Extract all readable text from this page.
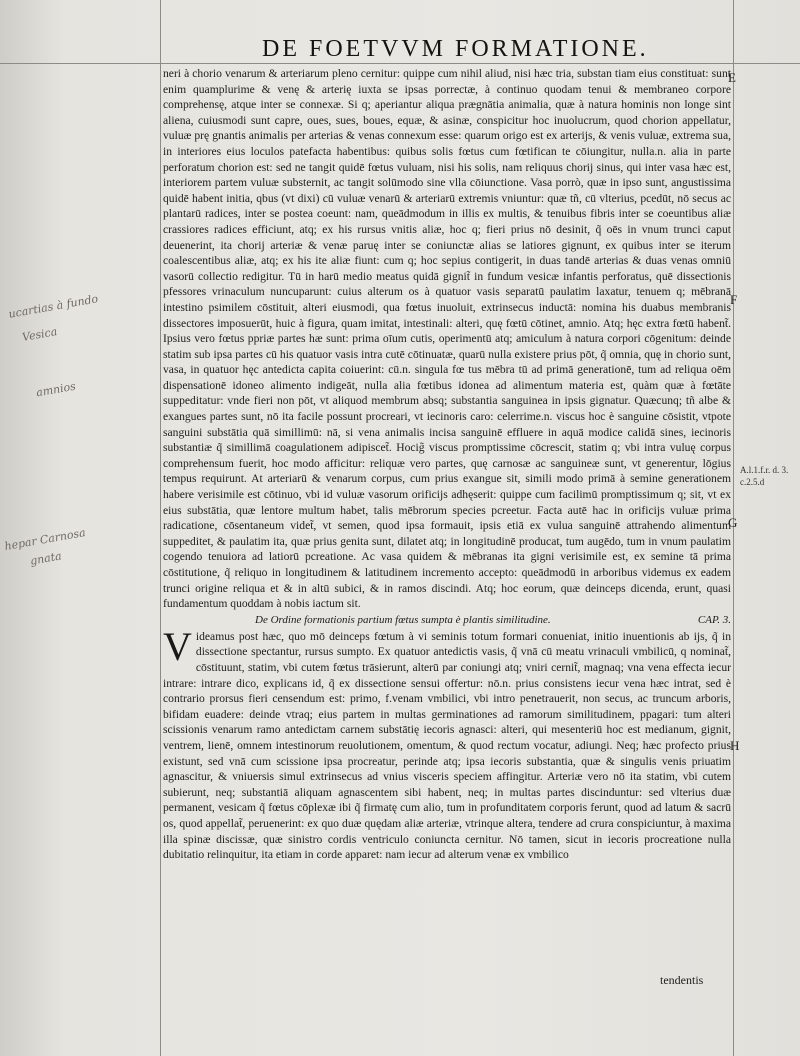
DE FOETVVM FORMATIONE.
ucartias à fundo
Vesica
amnios
hepar Carnosa
gnata

neri à chorio venarum & arteriarum pleno cernitur: quippe cum nihil aliud, nisi hæc tria, substan tiam eius constituat: sunt enim quamplurime & venę & arterię iuxta se ipsas porrectæ, à continuo quodam tenui & membraneo corpore comprehensę, atque inter se connexæ. Si q; aperiantur aliqua prægnātia animalia, quæ à natura hominis non longe sint aliena, cuiusmodi sunt capre, oues, sues, boues, equæ, & asinæ, conspicitur hoc inuolucrum, quod chorion appellatur, vuluæ prę gnantis animalis per arterias & venas connexum esse: quarum origo est ex arterijs, & venis vuluæ, extrema sua, in interiores eius loculos patefacta habentibus: quibus solis fœtus cum fœtifican te cōiungitur, nulla.n. alia in parte perforatum chorion est: sed ne tangit quidē fœtus vuluam, nisi his solis, nam reliquus chorij sinus, qui inter vasa hæc est, interiorem partem vuluæ substernit, ac tangit solūmodo sine vlla cōiunctione. Vasa porrò, quæ in ipso sunt, angustissima quidē habent initia, qbus (vt dixi) cū vuluæ venarū & arteriarū extremis vniuntur: quæ tñ, cū vlterius, pcedūt, nō secus ac plantarū radices, inter se postea coeunt: nam, queādmodum in illis ex multis, & tenuibus fibris inter se coeuntibus aliæ crassiores radices efficiunt, atq; ex his rursus vnitis aliæ, hoc q; fieri prius nō desinit, q̃ oēs in vnum trunci caput deuenerint, ita chorij arteriæ & venæ paruę inter se coniunctæ alias se latiores gignunt, ex quibus inter se iterum coalescentibus aliæ, atq; ex his ite aliæ fiunt: cum q; hoc sepius contigerit, in duas tandē arterias & duas venas omniū vasorū collectio redigitur. Tū in harū medio meatus quidā gignit̃ in fundum vesicæ infantis perforatus, quē dissectionis pfessores vrinaculum nuncuparunt: cuius alterum os à quatuor vasis separatū paulatim laxatur, tenuem q; mēbranā intestino psimilem cōstituit, alteri eiusmodi, qua fœtus inuoluit, extrinsecus inductā: nomina his duabus membranis dissectores imposuerūt, huic à figura, quam imitat, intestinali: alteri, quę fœtū cōtinet, amnio. Atq; hęc extra fœtū habent̃. Ipsius vero fœtus ppriæ partes hæ sunt: prima oīum cutis, operimentū atq; amiculum à natura corpori cōgenitum: deinde statim sub ipsa partes cū his quatuor vasis intra cutē cōtinuatæ, quarū nulla existere prius pōt, q̃ omnia, quę in chorio sunt, vasa, in quatuor hęc antedicta capita coiuerint: cū.n. singula fœ tus mēbra tū ad primā generationē, tum ad reliqua oēm dispensationē idoneo alimento indigeāt, nulla alia fœtibus idonea ad alimentum materia est, quàm quæ à fœtāte suppeditatur: vnde fieri non pōt, vt aliquod membrum absq; substantia sanguinea in ipsis gignatur. Quæcunq; tñ albe & exangues partes sunt, nō ita facile possunt procreari, vt iecinoris caro: celerrime.n. viscus hoc è sanguine cōsistit, vtpote sanguini substātia quā simillimū: nā, si vena animalis incisa sanguinē effluere in aquā modice calidā sines, iecinoris substantiæ q̃ simillimā coagulationem adipiscet̃. Hocig̃ viscus promptissime cōcrescit, statim q; vbi intra vuluę corpus comprehensum fuerit, hoc modo afficitur: reliquæ vero partes, quę carnosæ ac sanguineæ sunt, vt generentur, lōgius tempus requirunt. At arteriarū & venarum corpus, cum prius exangue sit, simili modo primā à semine generationem habere verisimile est cōtinuo, vbi id vuluæ vasorum orificijs adhęserit: quippe cum facilimū promptissimum q; sit, vt ex eius substātia, quæ lentore multum habet, talis mēbrorum species pcreetur. Facta autē hac in orificijs vuluæ prima radicatione, cōsentaneum videt̃, vt semen, quod ipsa formauit, ipsis etiā ex vulua sanguinē attrahendo alimentum suppeditet, & paulatim ita, quæ prius genita sunt, dilatet atq; in longitudinē producat, tum augēdo, tum in vnum paulatim cogendo tenuiora ad latiorū pcreatione. Ac vasa quidem & mēbranas ita gigni verisimile est, ex semine tā prima cōstitutione, q̃ reliquo in longitudinem & latitudinem incremento accepto: queādmodū in arboribus videmus ex eadem trunci origine reliqua et & in altū subici, & in ramos discindi. Atq; hoc eorum, quæ deinceps dicenda, erunt, quasi fundamentum quoddam à nobis iactum sit.

De Ordine formationis partium fœtus sumpta è plantis similitudine.	CAP. 3.

V ideamus post hæc, quo mō deinceps fœtum à vi seminis totum formari conueniat, initio inuentionis ab ijs, q̃ in dissectione spectantur, rursus sumpto. Ex quatuor antedictis vasis, q̃ vnā cū meatu vrinaculi vmbilicū, q nominat̃, cōstituunt, statim, vbi cutem fœtus trāsierunt, alterū par coniungi atq; vniri cernit̃, magnaq; vna vena effecta iecur intrare: intrare dico, explicans id, q̃ ex dissectione sensui offertur: nō.n. prius consistens iecur vena hæc intrat, sed è contrario prorsus fieri censendum est: primo, f.venam vmbilici, vbi intro penetrauerit, non secus, ac truncum arboris, bifidam euadere: deinde vtraq; eius partem in multas germinationes ad ramorum similitudinem, ppagari: tum alteri scissionis venarum ramo antedictam carnem substātię iecoris agnasci: alteri, qui mesenteriū hoc est medianum, gignit, ventrem, lienē, omnem intestinorum reuolutionem, omentum, & quod rectum vocatur, adiungi. Neq; hæc profecto prius existunt, sed vnā cum scissione ipsa procreatur, perinde atq; ipsa iecoris substantia, quæ & singulis venis priuatim agnascitur, & vniuersis simul extrinsecus ad vnius visceris speciem affingitur. Arteriæ vero nō ita statim, vbi cutem subierunt, neq; substantiā aliquam agnascentem sibi habent, neq; in multas partes discinduntur: sed vlterius duæ permanent, vesicam q̃ fœtus cōplexæ ibi q̃ firmatę cum alio, tum in profunditatem corporis ferunt, quod ad latum & sacrū os, quod appellat̃, peruenerint: ex quo duæ quędam aliæ arteriæ, vtrinque altera, tendere ad crura conspiciuntur, à maxima illa spinæ discissæ, quæ sinistro cordis ventriculo coniuncta cernitur. Nō tamen, sicut in iecoris procreatione nulla dubitatio relinquitur, ita etiam in corde apparet: nam iecur ad alterum venæ ex vmbilico

tendentis
E
F
G
H
A.l.1.f.r. d. 3. c.2.5.d
